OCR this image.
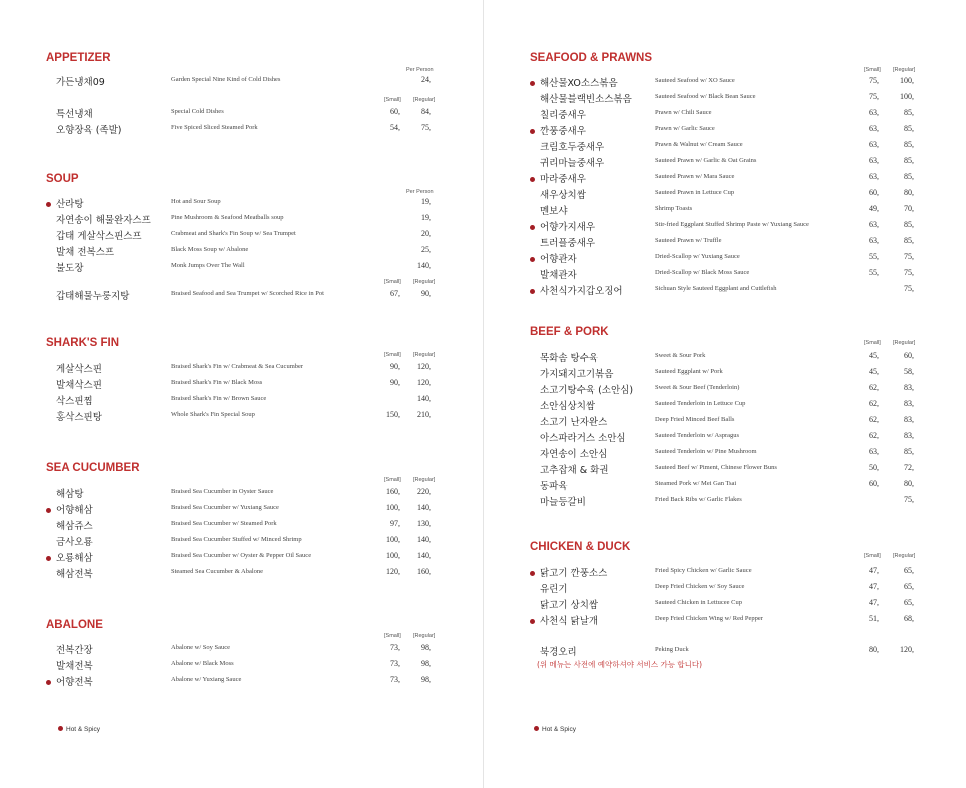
APPETIZER
Per Person
가든냉채09	Garden Special Nine Kind of Cold Dishes	24,
[Small] [Regular]
특선냉채	Special Cold Dishes	60,	84,
오향장육 (족발)	Five Spiced Sliced Steamed Pork	54,	75,
SOUP
Per Person
산라탕	Hot and Sour Soup	19,
자연송이 해물완자스프	Pine Mushroom & Seafood Meatballs soup	19,
갑태 게살삭스핀스프	Crabmeat and Shark's Fin Soup w/ Sea Trumpet	20,
발채 전복스프	Black Moss Soup w/ Abalone	25,
불도장	Monk Jumps Over The Wall	140,
[Small] [Regular]
갑태해물누룽지탕	Braised Seafood and Sea Trumpet w/ Scorched Rice in Pot	67,	90,
SHARK'S FIN
[Small] [Regular]
게살삭스핀	Braised Shark's Fin w/ Crabmeat & Sea Cucumber	90,	120,
발채삭스핀	Braised Shark's Fin w/ Black Moss	90,	120,
삭스핀찜	Braised Shark's Fin w/ Brown Sauce	140,
홍삭스핀탕	Whole Shark's Fin Special Soup	150,	210,
SEA CUCUMBER
[Small] [Regular]
해삼탕	Braised Sea Cucumber in Oyster Sauce	160,	220,
어향해삼	Braised Sea Cucumber w/ Yuxiang Sauce	100,	140,
해삼쥬스	Braised Sea Cucumber w/ Steamed Pork	97,	130,
금사오룡	Braised Sea Cucumber Stuffed w/ Minced Shrimp	100,	140,
오룡해삼	Braised Sea Cucumber w/ Oyster & Pepper Oil Sauce	100,	140,
해삼전복	Steamed Sea Cucumber & Abalone	120,	160,
ABALONE
[Small] [Regular]
전복간장	Abalone w/ Soy Sauce	73,	98,
발채전복	Abalone w/ Black Moss	73,	98,
어향전복	Abalone w/ Yuxiang Sauce	73,	98,
Hot & Spicy
SEAFOOD & PRAWNS
[Small] [Regular]
해산물XO소스볶음	Sauteed Seafood w/ XO Sauce	75,	100,
해산물블랙빈소스볶음	Sauteed Seafood w/ Black Bean Sauce	75,	100,
칠리중새우	Prawn w/ Chili Sauce	63,	85,
깐풍중새우	Prawn w/ Garlic Sauce	63,	85,
크림호두중새우	Prawn & Walnut w/ Cream Sauce	63,	85,
귀리마늘중새우	Sauteed Prawn w/ Garlic & Oat Grains	63,	85,
마라중새우	Sauteed Prawn w/ Mara Sauce	63,	85,
새우상치쌈	Sauteed Prawn in Lettuce Cup	60,	80,
멘보샤	Shrimp Toasts	49,	70,
어향가지새우	Stir-fried Eggplant Stuffed Shrimp Paste w/ Yuxiang Sauce	63,	85,
트러플중새우	Sauteed Prawn w/ Truffle	63,	85,
어향관자	Dried-Scallop w/ Yuxiang Sauce	55,	75,
발채관자	Dried-Scallop w/ Black Moss Sauce	55,	75,
사천식가지갑오징어	Sichuan Style Sauteed Eggplant and Cuttlefish	75,
BEEF & PORK
[Small] [Regular]
목화솜 탕수육	Sweet & Sour Pork	45,	60,
가지돼지고기볶음	Sauteed Eggplant w/ Pork	45,	58,
소고기탕수육 (소안심)	Sweet & Sour Beef (Tenderloin)	62,	83,
소안심상치쌈	Sauteed Tenderloin in Lettuce Cup	62,	83,
소고기 난자완스	Deep Fried Minced Beef Balls	62,	83,
아스파라거스 소안심	Sauteed Tenderloin w/ Aspragus	62,	83,
자연송이 소안심	Sauteed Tenderloin w/ Pine Mushroom	63,	85,
고추잡채 & 화권	Sauteed Beef w/ Piment, Chinese Flower Buns	50,	72,
동파육	Steamed Pork w/ Mei Gan Tsai	60,	80,
마늘등갈비	Fried Back Ribs w/ Garlic Flakes	75,
CHICKEN & DUCK
[Small] [Regular]
닭고기 깐풍소스	Fried Spicy Chicken w/ Garlic Sauce	47,	65,
유린기	Deep Fried Chicken w/ Soy Sauce	47,	65,
닭고기 상치쌈	Sauteed Chicken in Lettucee Cup	47,	65,
사천식 닭날개	Deep Fried Chicken Wing w/ Red Pepper	51,	68,
북경오리	Peking Duck	80,	120,
(위 메뉴는 사전에 예약하셔야 서비스 가능 합니다)
Hot & Spicy
